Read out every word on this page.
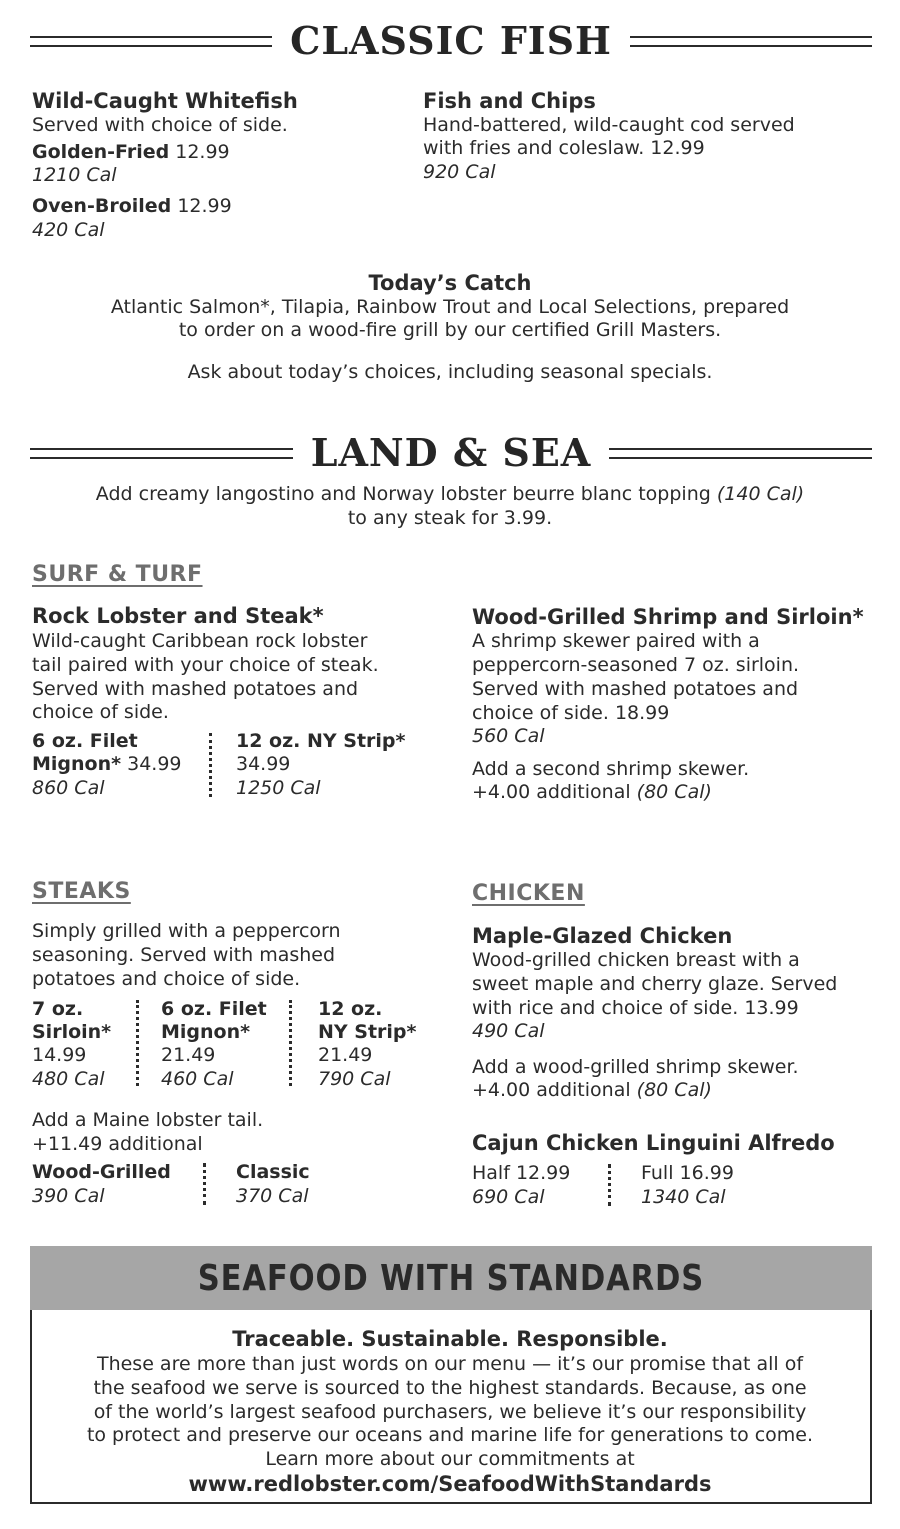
CLASSIC FISH
Wild-Caught Whitefish
Served with choice of side.
Golden-Fried 12.99
1210 Cal
Oven-Broiled 12.99
420 Cal
Fish and Chips
Hand-battered, wild-caught cod served
with fries and coleslaw. 12.99
920 Cal
Today’s Catch
Atlantic Salmon*, Tilapia, Rainbow Trout and Local Selections, prepared
to order on a wood-fire grill by our certified Grill Masters.
Ask about today’s choices, including seasonal specials.
LAND & SEA
Add creamy langostino and Norway lobster beurre blanc topping (140 Cal)
to any steak for 3.99.
SURF & TURF
Rock Lobster and Steak*
Wild-caught Caribbean rock lobster
tail paired with your choice of steak.
Served with mashed potatoes and
choice of side.
6 oz. Filet
Mignon* 34.99
860 Cal
12 oz. NY Strip*
34.99
1250 Cal
Wood-Grilled Shrimp and Sirloin*
A shrimp skewer paired with a
peppercorn-seasoned 7 oz. sirloin.
Served with mashed potatoes and
choice of side. 18.99
560 Cal
Add a second shrimp skewer.
+4.00 additional (80 Cal)
STEAKS
Simply grilled with a peppercorn
seasoning. Served with mashed
potatoes and choice of side.
7 oz.
Sirloin*
14.99
480 Cal
6 oz. Filet
Mignon*
21.49
460 Cal
12 oz.
NY Strip*
21.49
790 Cal
Add a Maine lobster tail.
+11.49 additional
Wood-Grilled
390 Cal
Classic
370 Cal
CHICKEN
Maple-Glazed Chicken
Wood-grilled chicken breast with a
sweet maple and cherry glaze. Served
with rice and choice of side. 13.99
490 Cal
Add a wood-grilled shrimp skewer.
+4.00 additional (80 Cal)
Cajun Chicken Linguini Alfredo
Half 12.99
690 Cal
Full 16.99
1340 Cal
SEAFOOD WITH STANDARDS
Traceable. Sustainable. Responsible.
These are more than just words on our menu — it’s our promise that all of
the seafood we serve is sourced to the highest standards. Because, as one
of the world’s largest seafood purchasers, we believe it’s our responsibility
to protect and preserve our oceans and marine life for generations to come.
Learn more about our commitments at
www.redlobster.com/SeafoodWithStandards
